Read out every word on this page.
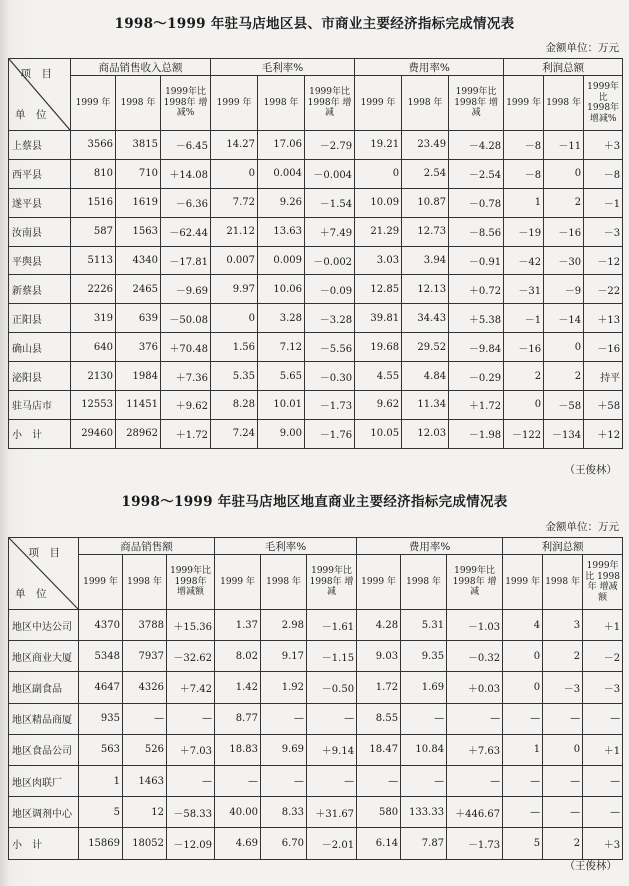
1998～1999 年驻马店地区县、市商业主要经济指标完成情况表
金额单位：万元
项　目
单　位	商品销售收入总额			毛利率%			费用率%			利润总额		
	1999 年	1998 年	1999年比 1998年 增减%	1999 年	1998 年	1999年比 1998年 增　减	1999 年	1998 年	1999年比 1998年 增　减	1999 年	1998 年	1999年比 1998年 增减%
上蔡县	3566	3815	－6.45	14.27	17.06	－2.79	19.21	23.49	－4.28	－8	－11	＋3
西平县	810	710	＋14.08	0	0.004	－0.004	0	2.54	－2.54	－8	0	－8
遂平县	1516	1619	－6.36	7.72	9.26	－1.54	10.09	10.87	－0.78	1	2	－1
汝南县	587	1563	－62.44	21.12	13.63	＋7.49	21.29	12.73	－8.56	－19	－16	－3
平舆县	5113	4340	－17.81	0.007	0.009	－0.002	3.03	3.94	－0.91	－42	－30	－12
新蔡县	2226	2465	－9.69	9.97	10.06	－0.09	12.85	12.13	＋0.72	－31	－9	－22
正阳县	319	639	－50.08	0	3.28	－3.28	39.81	34.43	＋5.38	－1	－14	＋13
确山县	640	376	＋70.48	1.56	7.12	－5.56	19.68	29.52	－9.84	－16	0	－16
泌阳县	2130	1984	＋7.36	5.35	5.65	－0.30	4.55	4.84	－0.29	2	2	持平
驻马店市	12553	11451	＋9.62	8.28	10.01	－1.73	9.62	11.34	＋1.72	0	－58	＋58
小　计	29460	28962	＋1.72	7.24	9.00	－1.76	10.05	12.03	－1.98	－122	－134	＋12
（王俊林）
1998～1999 年驻马店地区地直商业主要经济指标完成情况表
金额单位：万元
项　目
单　位	商品销售额			毛利率%			费用率%			利润总额		
	1999 年	1998 年	1999年比 1998年 增减额	1999 年	1998 年	1999年比 1998年 增　减	1999 年	1998 年	1999年比 1998年 增　减	1999 年	1998 年	1999年比 1998年 增减额
地区中达公司	4370	3788	＋15.36	1.37	2.98	－1.61	4.28	5.31	－1.03	4	3	＋1
地区商业大厦	5348	7937	－32.62	8.02	9.17	－1.15	9.03	9.35	－0.32	0	2	－2
地区副食品	4647	4326	＋7.42	1.42	1.92	－0.50	1.72	1.69	＋0.03	0	－3	－3
地区精品商厦	935	—	—	8.77	—	—	8.55	—	—	—	—	—
地区食品公司	563	526	＋7.03	18.83	9.69	＋9.14	18.47	10.84	＋7.63	1	0	＋1
地区肉联厂	1	1463	—	—	—	—	—	—	—	—	—	—
地区调剂中心	5	12	－58.33	40.00	8.33	＋31.67	580	133.33	＋446.67	—	—	—
小　计	15869	18052	－12.09	4.69	6.70	－2.01	6.14	7.87	－1.73	5	2	＋3
（王俊林）
